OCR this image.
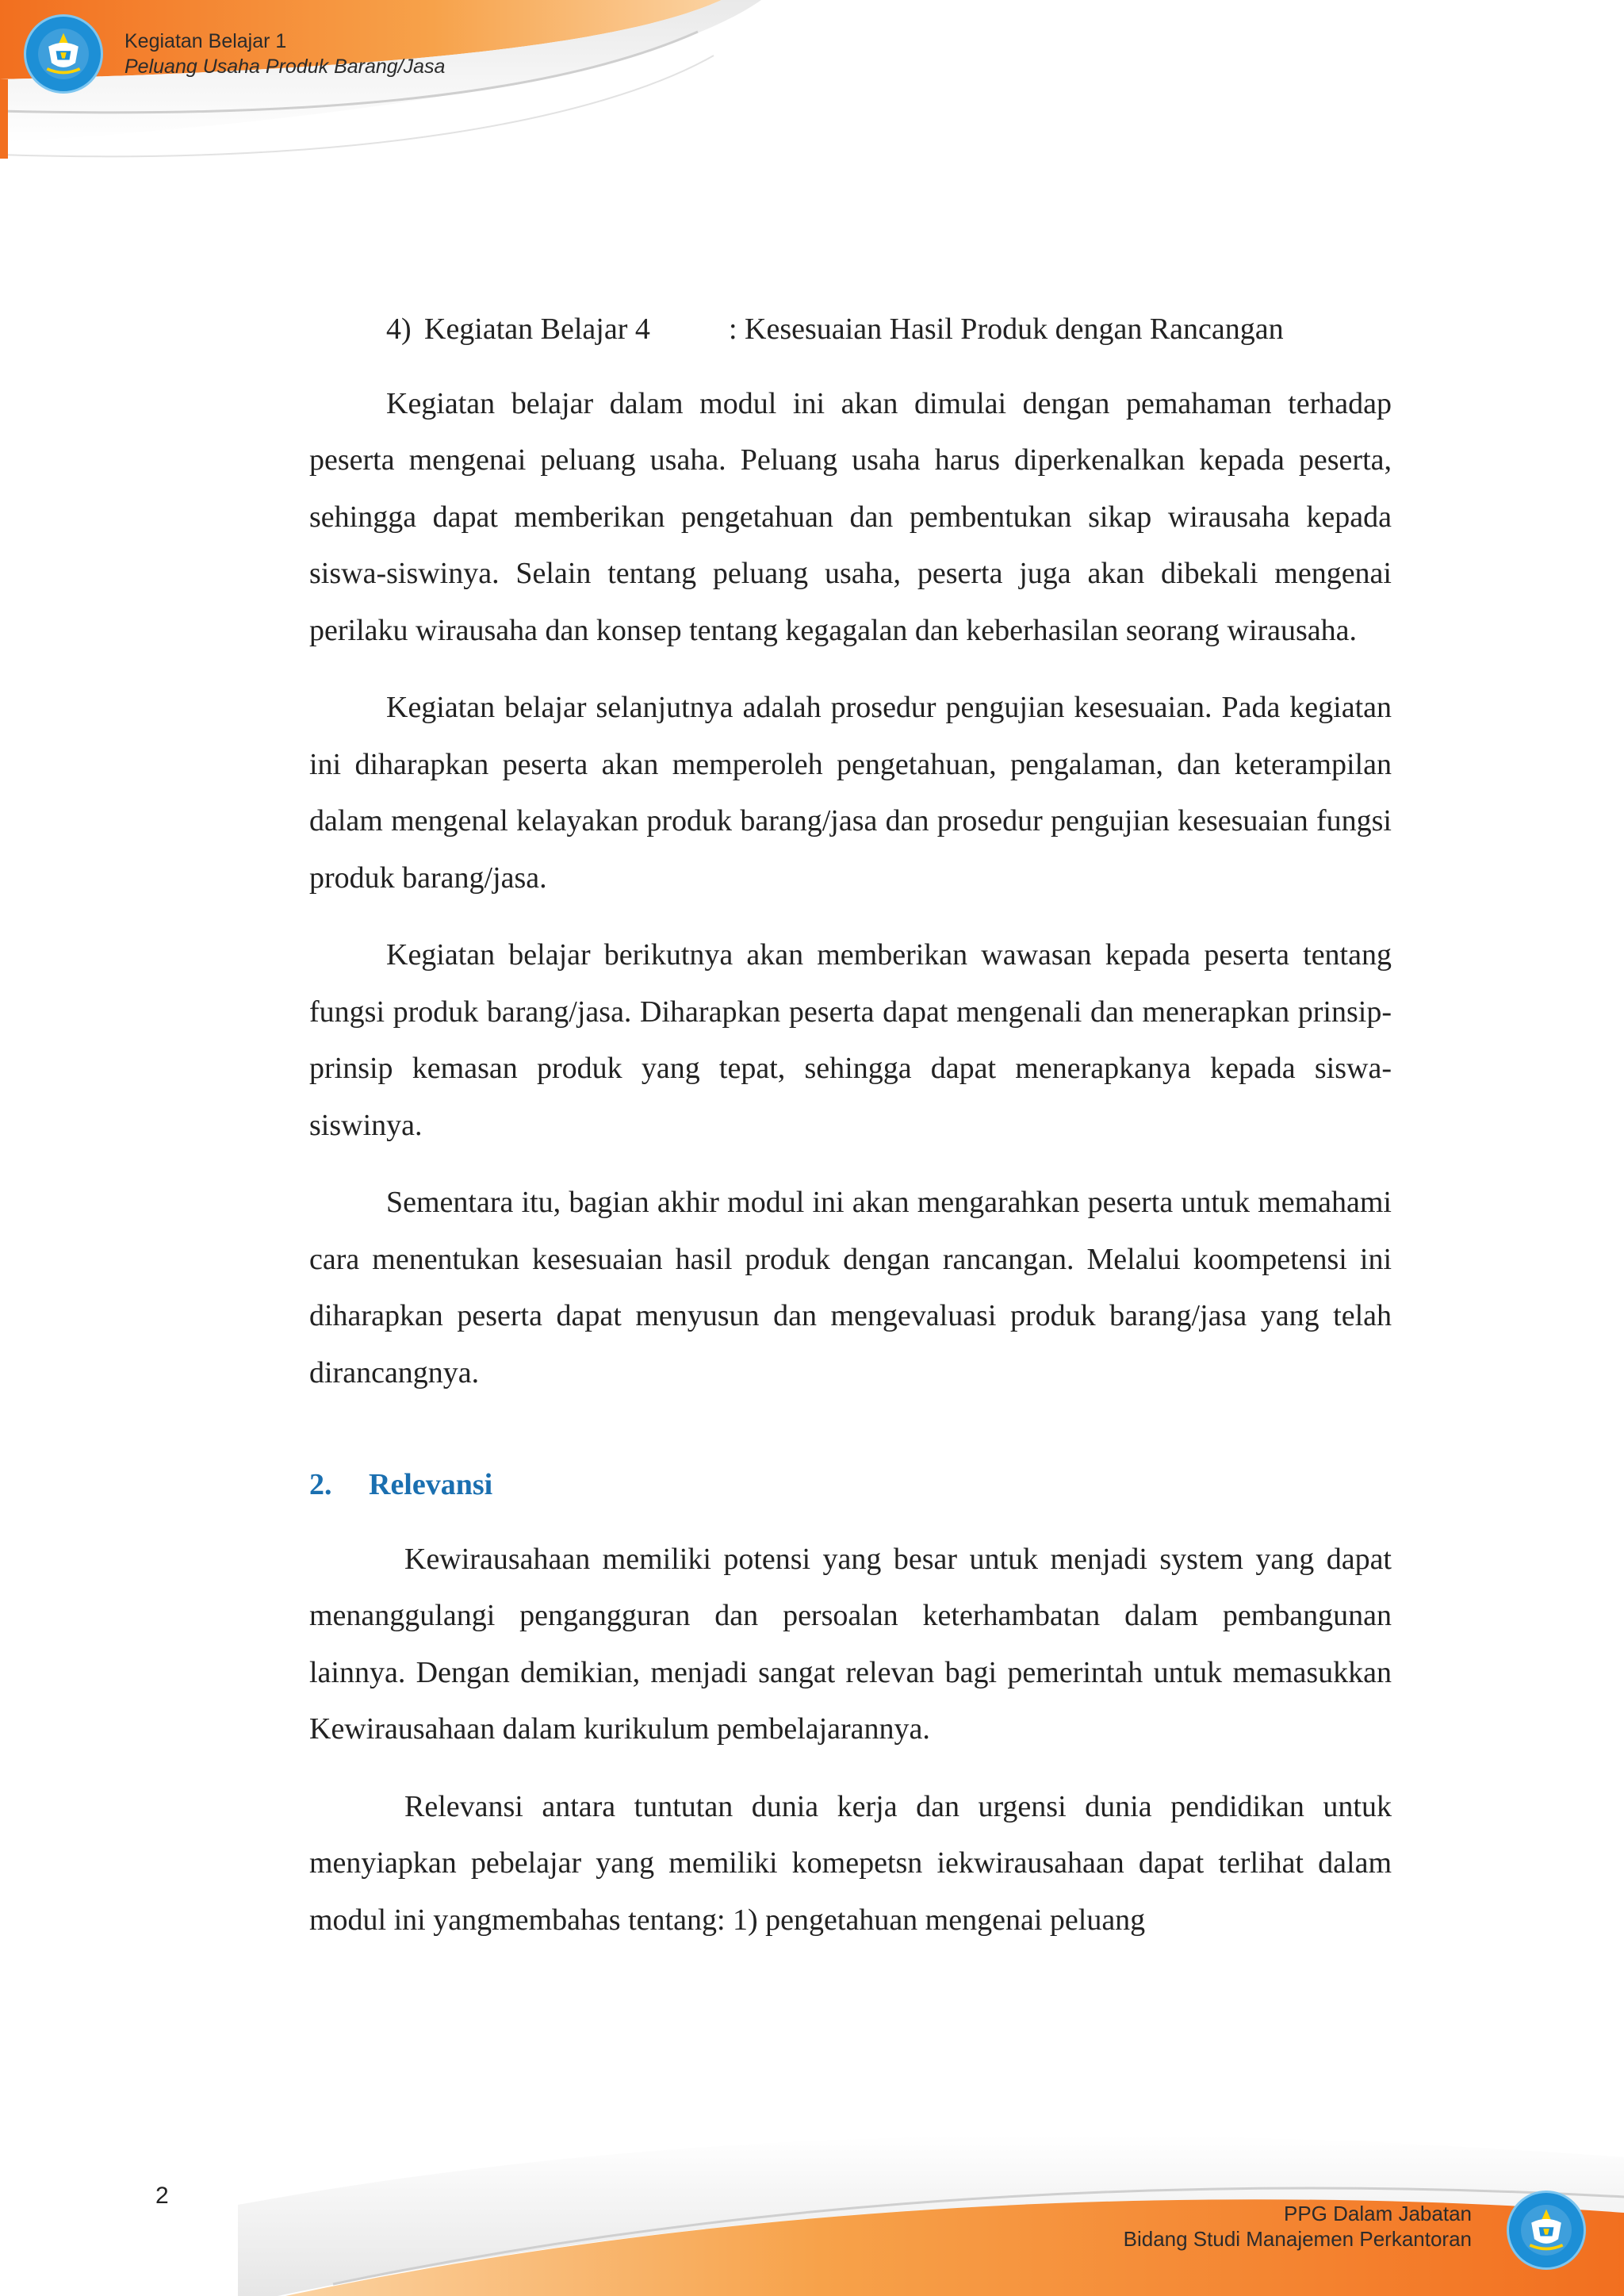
Kegiatan Belajar 1
Peluang Usaha Produk Barang/Jasa
4) Kegiatan Belajar 4	: Kesesuaian Hasil Produk dengan Rancangan

Kegiatan belajar dalam modul ini akan dimulai dengan pemahaman terhadap peserta mengenai peluang usaha. Peluang usaha harus diperkenalkan kepada peserta, sehingga dapat memberikan pengetahuan dan pembentukan sikap wirausaha kepada siswa-siswinya. Selain tentang peluang usaha, peserta juga akan dibekali mengenai perilaku wirausaha dan konsep tentang kegagalan dan keberhasilan seorang wirausaha.

Kegiatan belajar selanjutnya adalah prosedur pengujian kesesuaian. Pada kegiatan ini diharapkan peserta akan memperoleh pengetahuan, pengalaman, dan keterampilan dalam mengenal kelayakan produk barang/jasa dan prosedur pengujian kesesuaian fungsi produk barang/jasa.

Kegiatan belajar berikutnya akan memberikan wawasan kepada peserta tentang fungsi produk barang/jasa. Diharapkan peserta dapat mengenali dan menerapkan prinsip-prinsip kemasan produk yang tepat, sehingga dapat menerapkanya kepada siswa-siswinya.

Sementara itu, bagian akhir modul ini akan mengarahkan peserta untuk memahami cara menentukan kesesuaian hasil produk dengan rancangan. Melalui koompetensi ini diharapkan peserta dapat menyusun dan mengevaluasi produk barang/jasa yang telah dirancangnya.

2. Relevansi

Kewirausahaan memiliki potensi yang besar untuk menjadi system yang dapat menanggulangi pengangguran dan persoalan keterhambatan dalam pembangunan lainnya. Dengan demikian, menjadi sangat relevan bagi pemerintah untuk memasukkan Kewirausahaan dalam kurikulum pembelajarannya.

Relevansi antara tuntutan dunia kerja dan urgensi dunia pendidikan untuk menyiapkan pebelajar yang memiliki komepetsn iekwirausahaan dapat terlihat dalam modul ini yangmembahas tentang: 1) pengetahuan mengenai peluang

2
PPG Dalam Jabatan
Bidang Studi Manajemen Perkantoran
